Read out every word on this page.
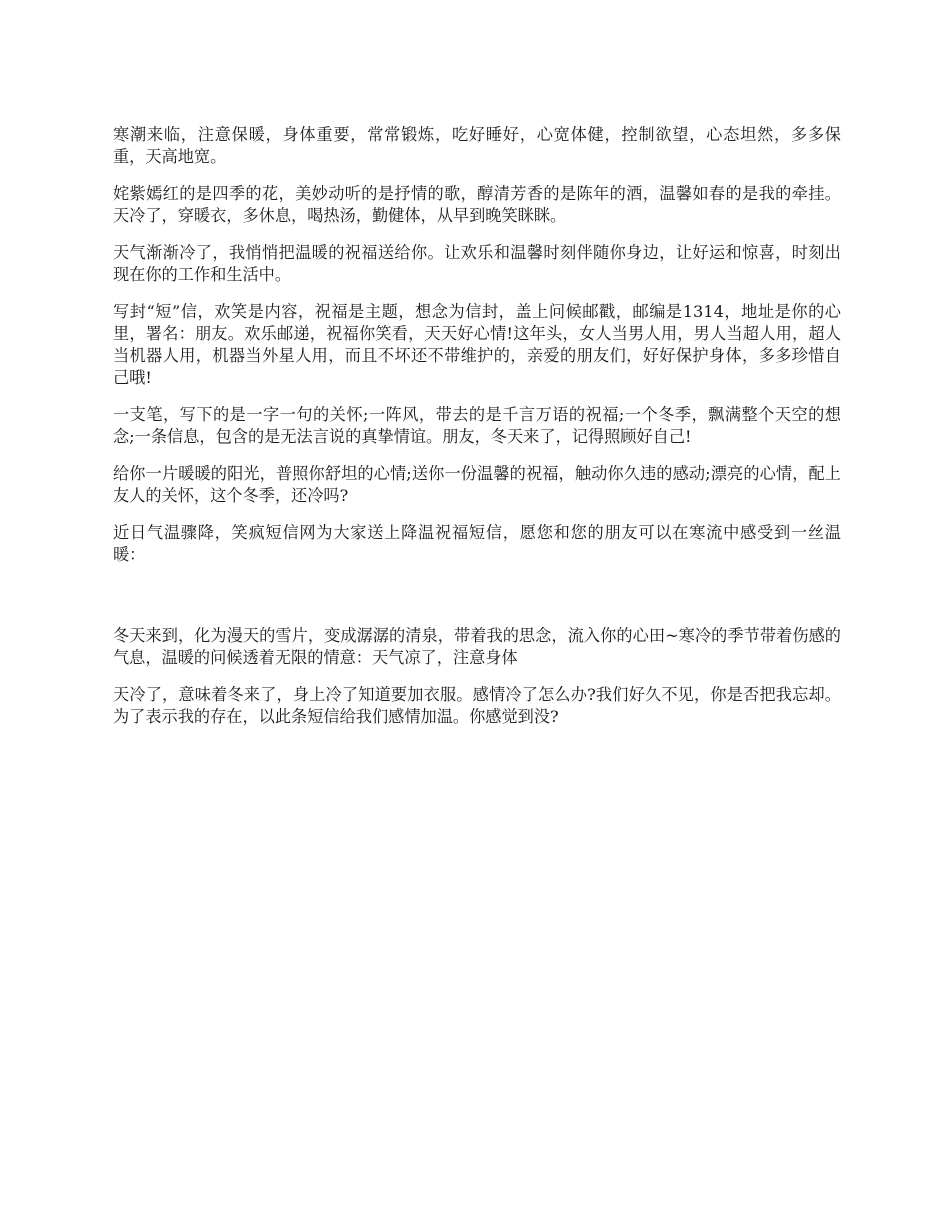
寒潮来临，注意保暖，身体重要，常常锻炼，吃好睡好，心宽体健，控制欲望，心态坦然，多多保重，天高地宽。

姹紫嫣红的是四季的花，美妙动听的是抒情的歌，醇清芳香的是陈年的酒，温馨如春的是我的牵挂。天冷了，穿暖衣，多休息，喝热汤，勤健体，从早到晚笑眯眯。

天气渐渐冷了，我悄悄把温暖的祝福送给你。让欢乐和温馨时刻伴随你身边，让好运和惊喜，时刻出现在你的工作和生活中。

写封“短”信，欢笑是内容，祝福是主题，想念为信封，盖上问候邮戳，邮编是1314，地址是你的心里，署名：朋友。欢乐邮递，祝福你笑看，天天好心情!这年头，女人当男人用，男人当超人用，超人当机器人用，机器当外星人用，而且不坏还不带维护的，亲爱的朋友们，好好保护身体，多多珍惜自己哦!

一支笔，写下的是一字一句的关怀;一阵风，带去的是千言万语的祝福;一个冬季，飘满整个天空的想念;一条信息，包含的是无法言说的真挚情谊。朋友，冬天来了，记得照顾好自己!

给你一片暖暖的阳光，普照你舒坦的心情;送你一份温馨的祝福，触动你久违的感动;漂亮的心情，配上友人的关怀，这个冬季，还冷吗?

近日气温骤降，笑疯短信网为大家送上降温祝福短信，愿您和您的朋友可以在寒流中感受到一丝温暖：

冬天来到，化为漫天的雪片，变成潺潺的清泉，带着我的思念，流入你的心田~寒冷的季节带着伤感的气息，温暖的问候透着无限的情意：天气凉了，注意身体

天冷了，意味着冬来了，身上冷了知道要加衣服。感情冷了怎么办?我们好久不见，你是否把我忘却。为了表示我的存在，以此条短信给我们感情加温。你感觉到没?
